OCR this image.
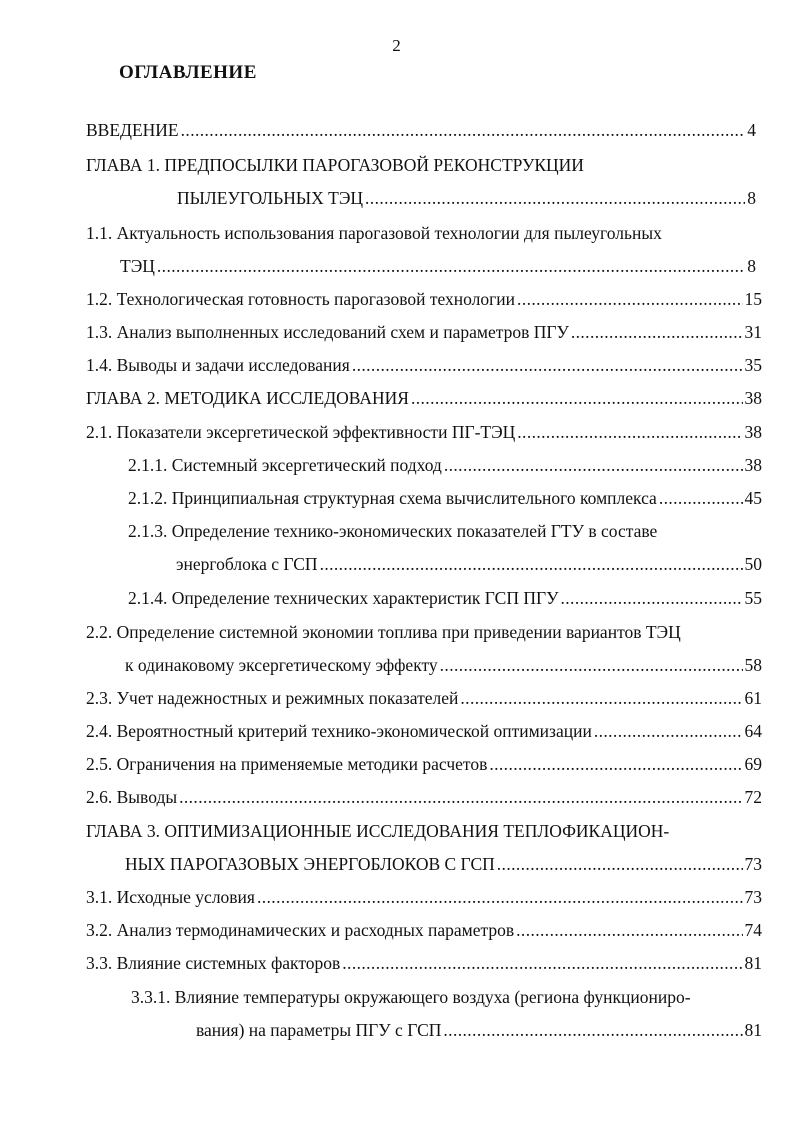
2
ОГЛАВЛЕНИЕ
ВВЕДЕНИЕ .....	4
ГЛАВА 1. ПРЕДПОСЫЛКИ ПАРОГАЗОВОЙ РЕКОНСТРУКЦИИ
ПЫЛЕУГОЛЬНЫХ ТЭЦ .....	8
1.1. Актуальность использования парогазовой технологии для пылеугольных
ТЭЦ .....	8
1.2. Технологическая готовность парогазовой технологии .....	15
1.3. Анализ выполненных исследований схем и параметров ПГУ .....	31
1.4. Выводы и задачи исследования .....	35
ГЛАВА 2. МЕТОДИКА ИССЛЕДОВАНИЯ .....	38
2.1. Показатели эксергетической эффективности ПГ-ТЭЦ .....	38
2.1.1. Системный эксергетический подход .....	38
2.1.2. Принципиальная структурная схема вычислительного комплекса .....	45
2.1.3. Определение технико-экономических показателей ГТУ в составе
энергоблока с ГСП .....	50
2.1.4. Определение технических характеристик ГСП ПГУ .....	55
2.2. Определение системной экономии топлива при приведении вариантов ТЭЦ
к одинаковому эксергетическому эффекту .....	58
2.3. Учет надежностных и режимных показателей .....	61
2.4. Вероятностный критерий технико-экономической оптимизации .....	64
2.5. Ограничения на применяемые методики расчетов .....	69
2.6. Выводы .....	72
ГЛАВА 3. ОПТИМИЗАЦИОННЫЕ ИССЛЕДОВАНИЯ ТЕПЛОФИКАЦИОН-
НЫХ ПАРОГАЗОВЫХ ЭНЕРГОБЛОКОВ С ГСП .....	73
3.1. Исходные условия .....	73
3.2. Анализ термодинамических и расходных параметров .....	74
3.3. Влияние системных факторов .....	81
3.3.1. Влияние температуры окружающего воздуха (региона функциониро-
вания) на параметры ПГУ с ГСП .....	81
